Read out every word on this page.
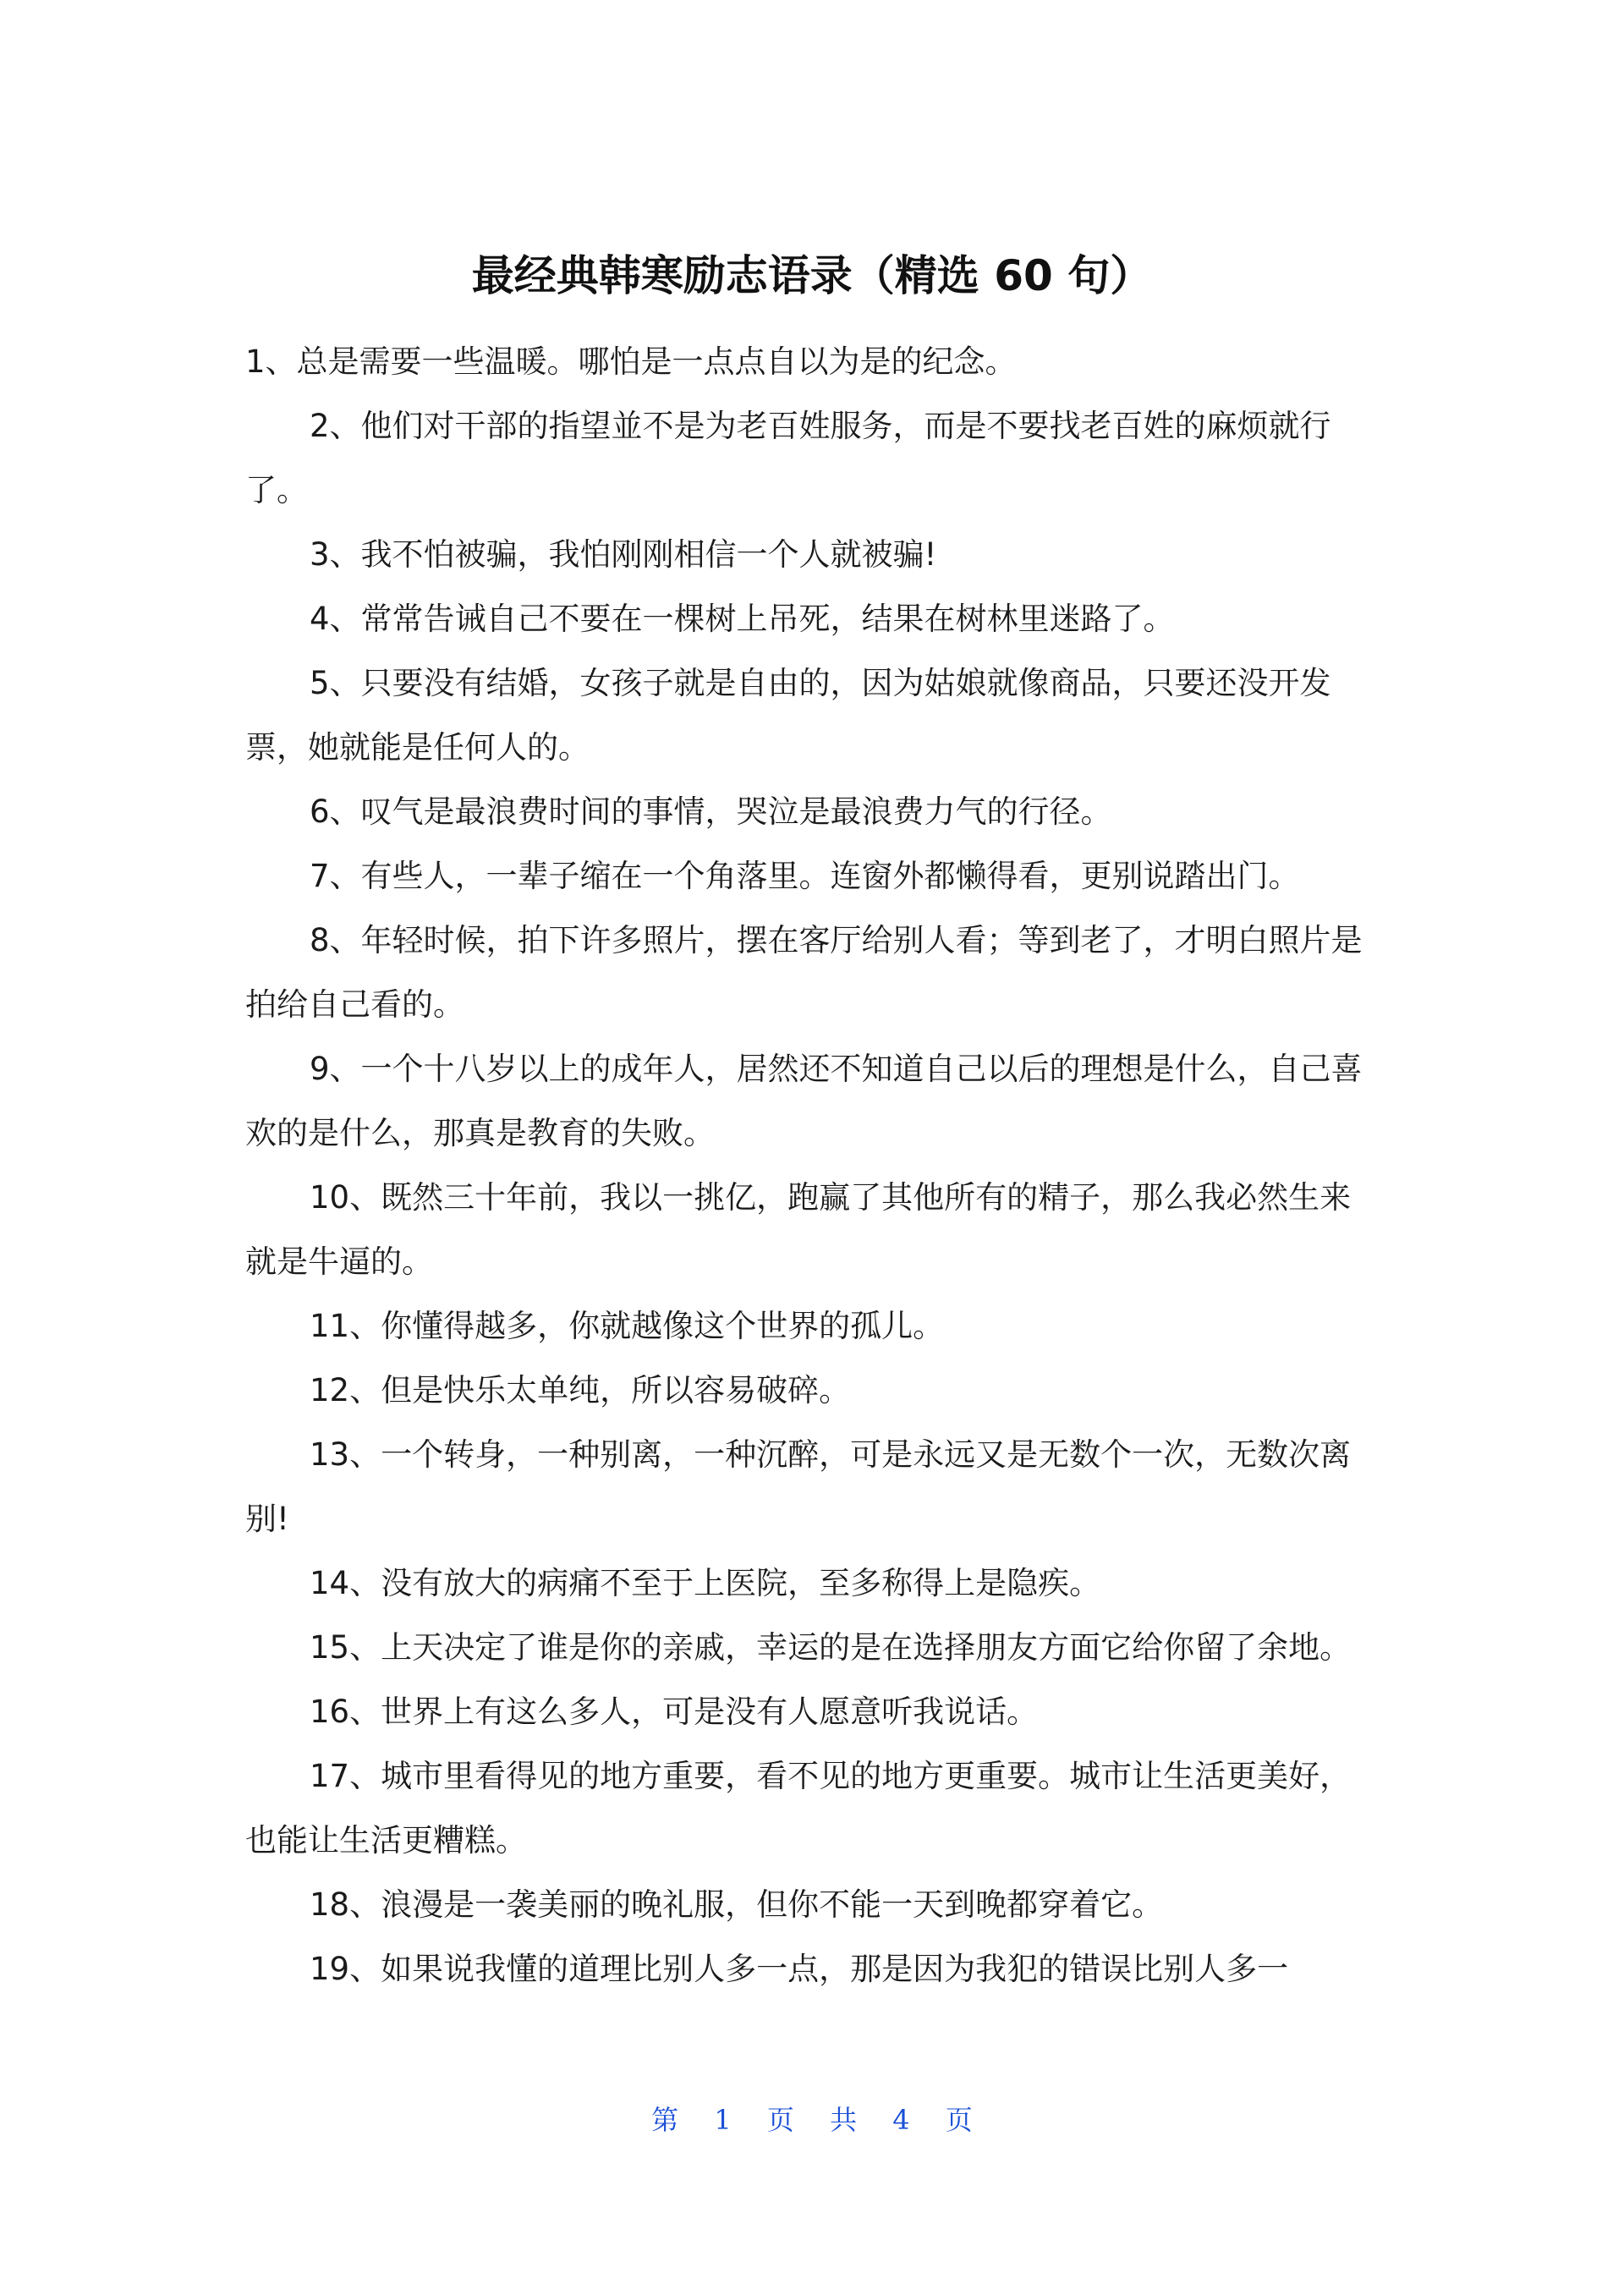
最经典韩寒励志语录（精选 60 句）

1、总是需要一些温暖。哪怕是一点点自以为是的纪念。

2、他们对干部的指望並不是为老百姓服务，而是不要找老百姓的麻烦就行了。

3、我不怕被骗，我怕刚刚相信一个人就被骗!

4、常常告诫自己不要在一棵树上吊死，结果在树林里迷路了。

5、只要没有结婚，女孩子就是自由的，因为姑娘就像商品，只要还没开发票，她就能是任何人的。

6、叹气是最浪费时间的事情，哭泣是最浪费力气的行径。

7、有些人，一辈子缩在一个角落里。连窗外都懒得看，更别说踏出门。

8、年轻时候，拍下许多照片，摆在客厅给别人看；等到老了，才明白照片是拍给自己看的。

9、一个十八岁以上的成年人，居然还不知道自己以后的理想是什么，自己喜欢的是什么，那真是教育的失败。

10、既然三十年前，我以一挑亿，跑赢了其他所有的精子，那么我必然生来就是牛逼的。

11、你懂得越多，你就越像这个世界的孤儿。

12、但是快乐太单纯，所以容易破碎。

13、一个转身，一种别离，一种沉醉，可是永远又是无数个一次，无数次离别!

14、没有放大的病痛不至于上医院，至多称得上是隐疾。

15、上天决定了谁是你的亲戚，幸运的是在选择朋友方面它给你留了余地。

16、世界上有这么多人，可是没有人愿意听我说话。

17、城市里看得见的地方重要，看不见的地方更重要。城市让生活更美好，也能让生活更糟糕。

18、浪漫是一袭美丽的晚礼服，但你不能一天到晚都穿着它。

19、如果说我懂的道理比别人多一点，那是因为我犯的错误比别人多一

第 1 页 共 4 页
